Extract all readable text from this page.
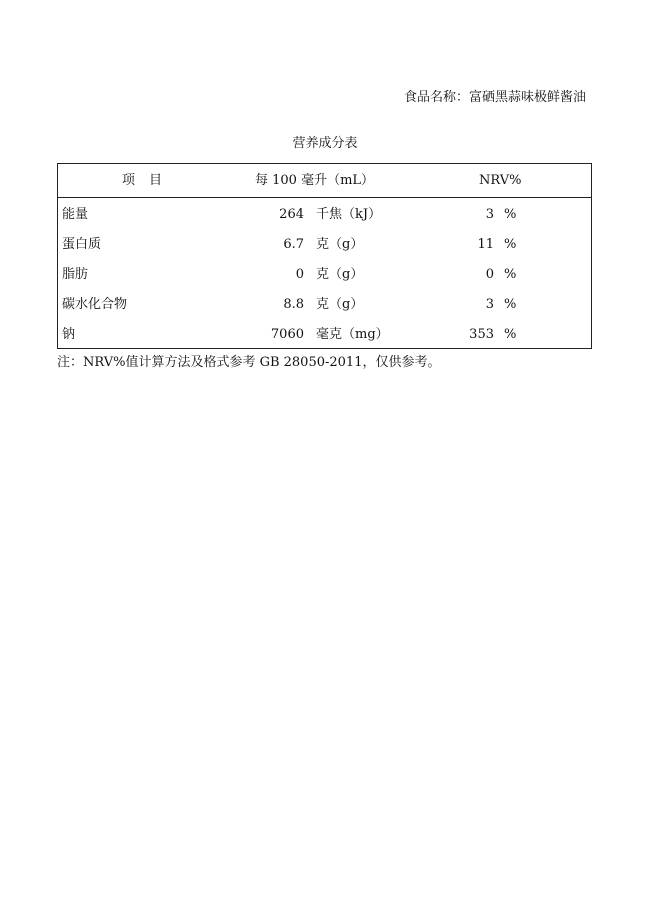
食品名称：富硒黑蒜味极鲜酱油
营养成分表
项目	每 100 毫升（mL）	NRV%
能量	264 千焦（kJ）	3 %
蛋白质	6.7 克（g）	11 %
脂肪	0 克（g）	0 %
碳水化合物	8.8 克（g）	3 %
钠	7060 毫克（mg）	353 %
注：NRV%值计算方法及格式参考 GB 28050-2011，仅供参考。
